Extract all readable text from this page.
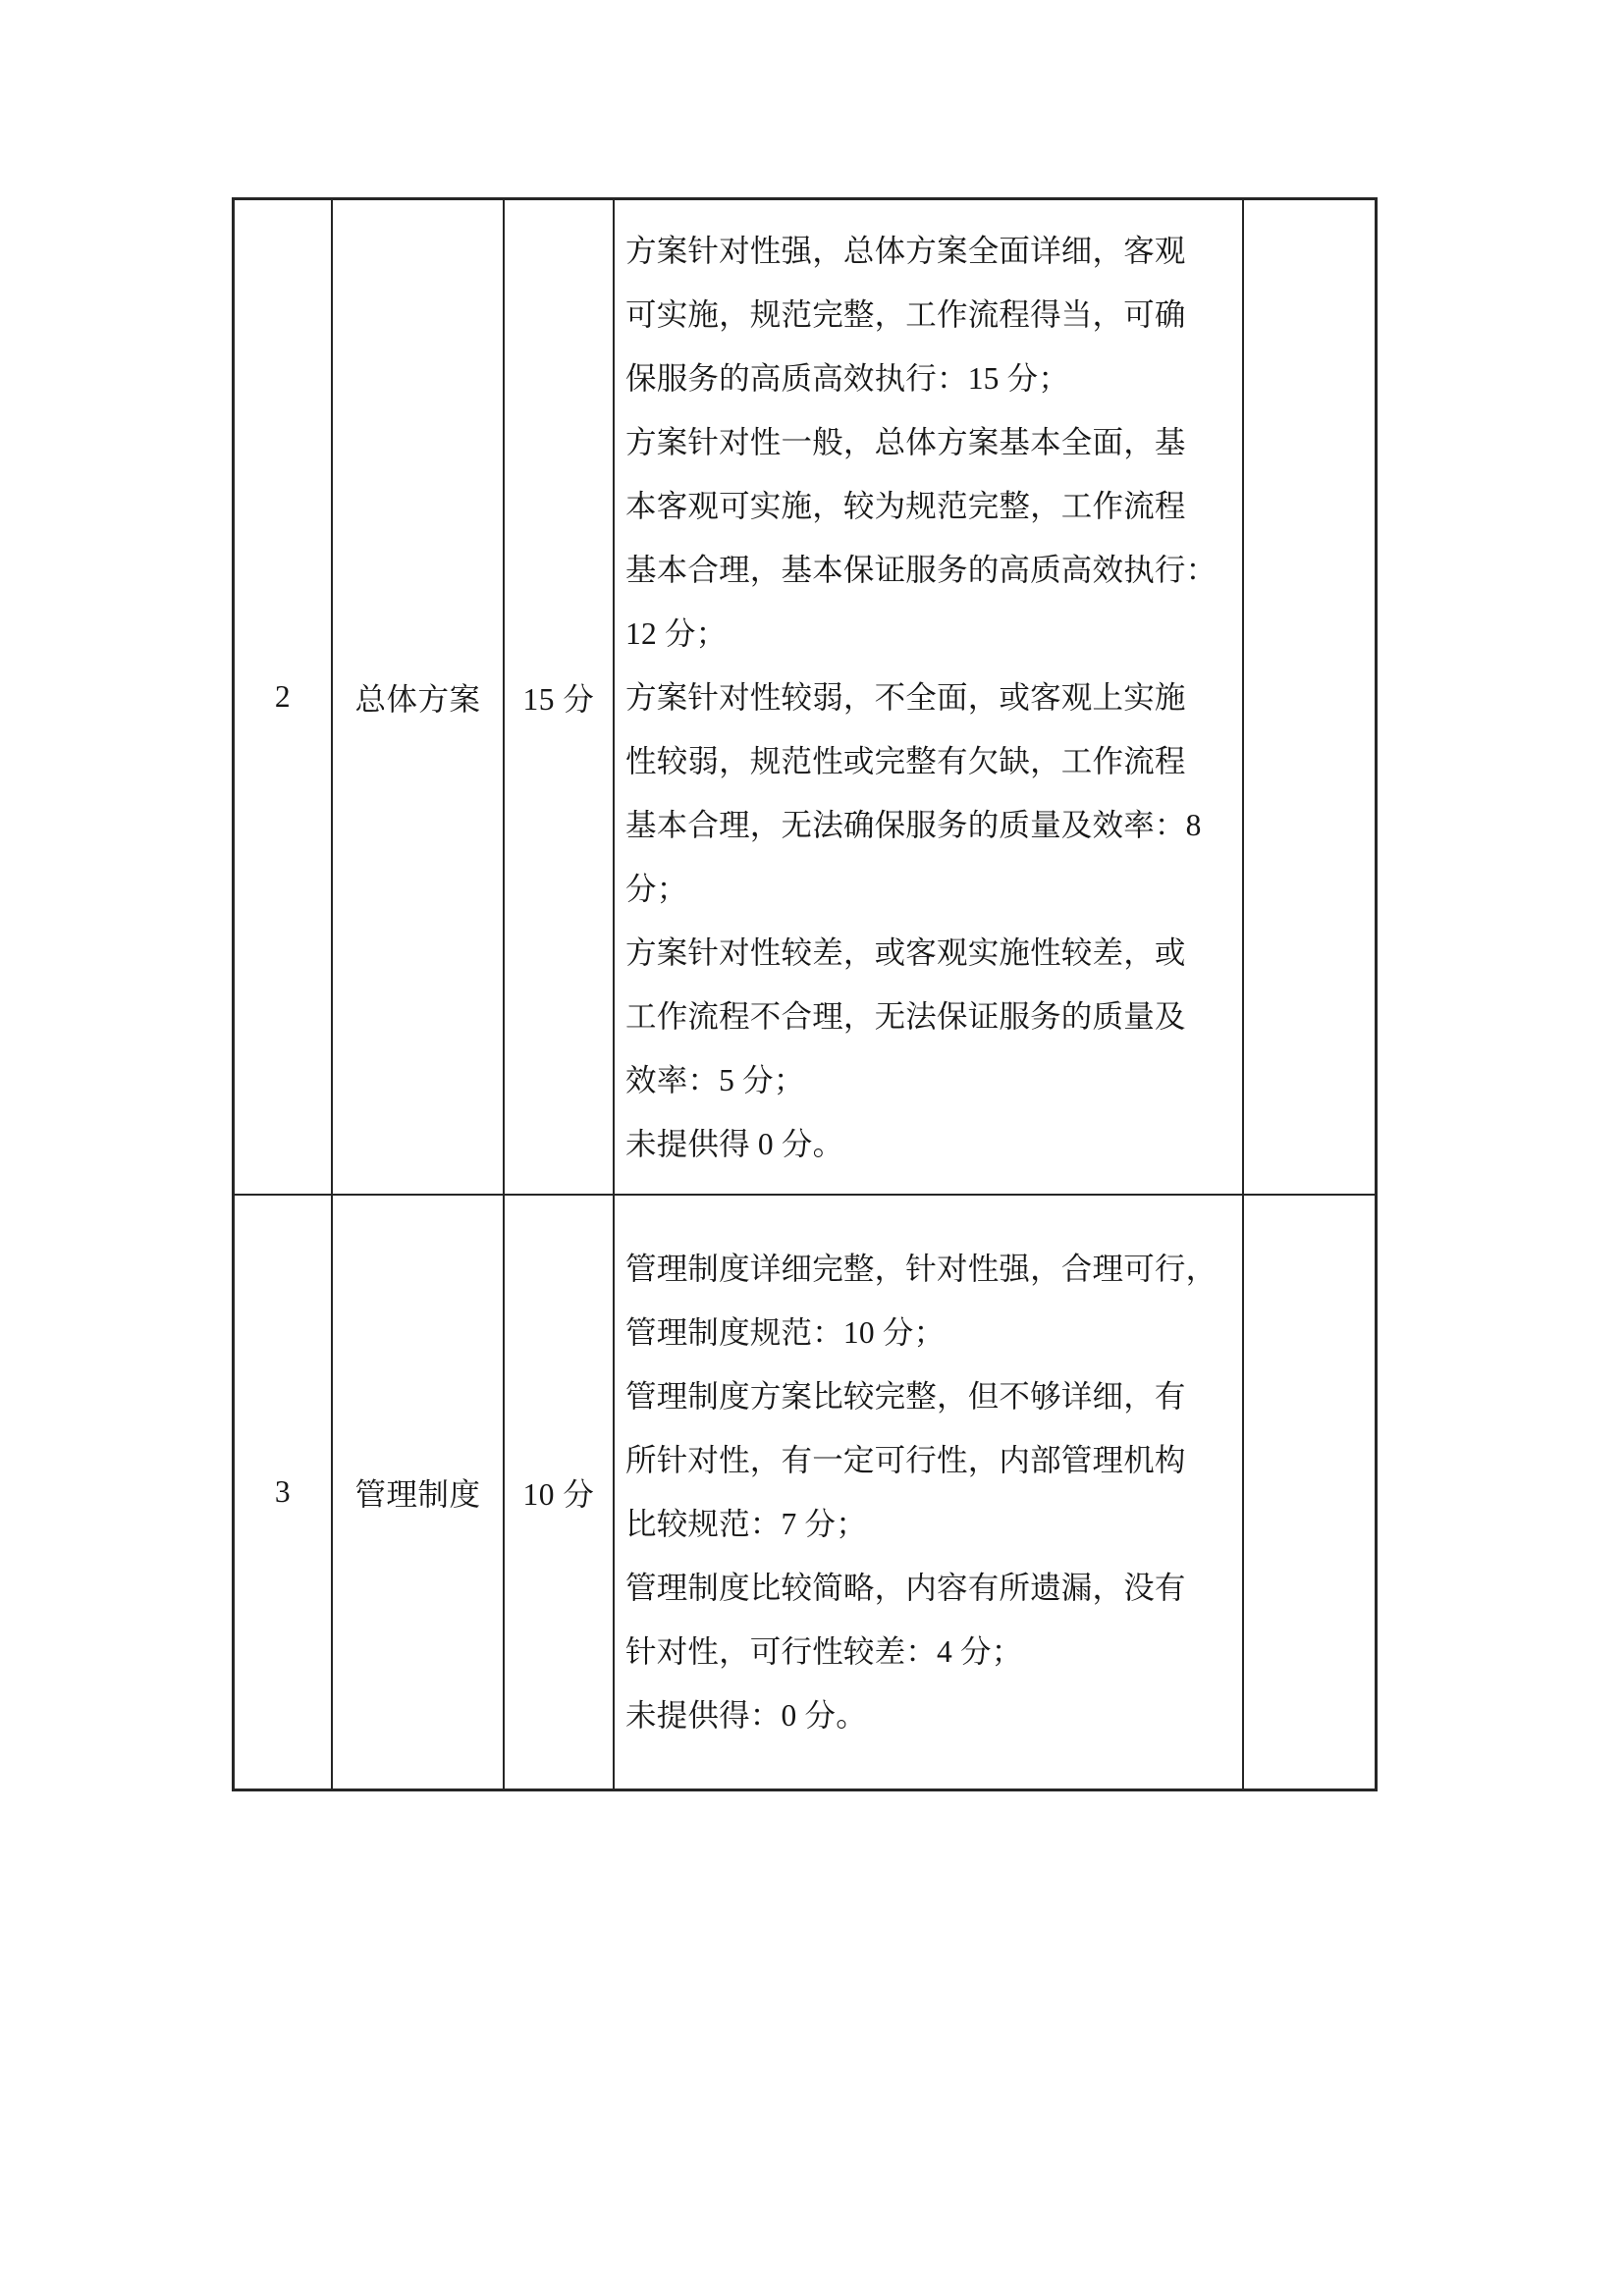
2 总体方案 15 分
方案针对性强，总体方案全面详细，客观
可实施，规范完整，工作流程得当，可确
保服务的高质高效执行：15 分；
方案针对性一般，总体方案基本全面，基
本客观可实施，较为规范完整，工作流程
基本合理，基本保证服务的高质高效执行：
12 分；
方案针对性较弱，不全面，或客观上实施
性较弱，规范性或完整有欠缺，工作流程
基本合理，无法确保服务的质量及效率：8
分；
方案针对性较差，或客观实施性较差，或
工作流程不合理，无法保证服务的质量及
效率：5 分；
未提供得 0 分。
3 管理制度 10 分
管理制度详细完整，针对性强，合理可行，
管理制度规范：10 分；
管理制度方案比较完整，但不够详细，有
所针对性，有一定可行性，内部管理机构
比较规范：7 分；
管理制度比较简略，内容有所遗漏，没有
针对性，可行性较差：4 分；
未提供得：0 分。
